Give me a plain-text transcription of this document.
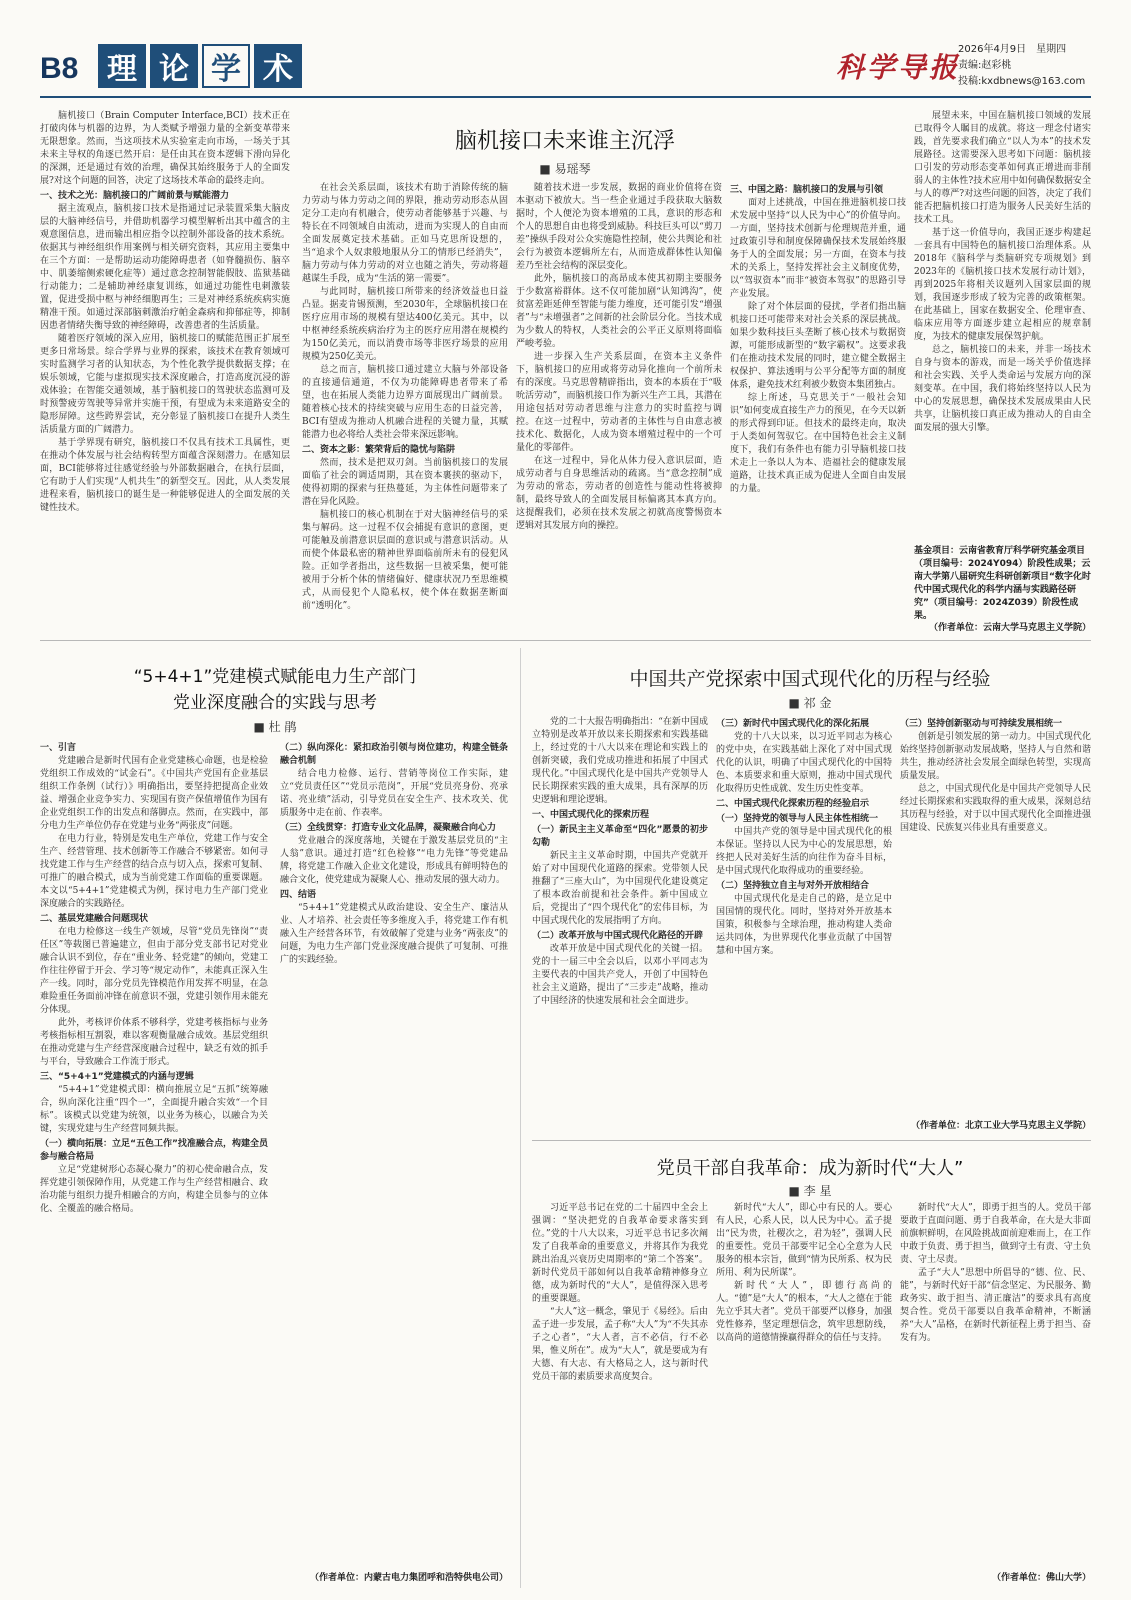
B8 理 论 学 术	科学导报
2026年4月9日　星期四
责编:赵彩桃
投稿:kxdbnews@163.com
脑机接口未来谁主沉浮
■ 易瑶琴

脑机接口（Brain Computer Interface,BCI）技术正在打破肉体与机器的边界，为人类赋予增强力量的全新变革带来无限想象。然而，当这项技术从实验室走向市场，一场关于其未来主导权的角逐已然开启：是任由其在资本逻辑下滑向异化的深渊，还是通过有效的治理，确保其始终服务于人的全面发展?对这个问题的回答，决定了这场技术革命的最终走向。

一、技术之光：脑机接口的广阔前景与赋能潜力

据主流观点，脑机接口技术是指通过记录装置采集大脑皮层的大脑神经信号，并借助机器学习模型解析出其中蕴含的主观意图信息，进而输出相应指令以控制外部设备的技术系统。依据其与神经组织作用案例与相关研究资料，其应用主要集中在三个方面：一是帮助运动功能障碍患者（如脊髓损伤、脑卒中、肌萎缩侧索硬化症等）通过意念控制智能假肢、监狱基础行动能力；二是辅助神经康复训练，如通过功能性电刺激装置，促进受损中枢与神经细胞再生；三是对神经系统疾病实施精准干预。如通过深部脑刺激治疗帕金森病和抑郁症等，抑制因患者情绪失衡导致的神经障碍，改善患者的生活质量。

随着医疗领域的深入应用，脑机接口的赋能范围正扩展至更多日常场景。综合学界与业界的探索，该技术在教育领域可实时监测学习者的认知状态，为个性化教学提供数据支撑；在娱乐领域，它能与虚拟现实技术深度融合，打造高度沉浸的游戏体验；在智能交通领域，基于脑机接口的驾驶状态监测可及时预警疲劳驾驶等异常并实施干预，有望成为未来道路安全的隐形屏障。这些跨界尝试，充分彰显了脑机接口在提升人类生活质量方面的广阔潜力。

基于学界现有研究，脑机接口不仅具有技术工具属性，更在推动个体发展与社会结构转型方面蕴含深刻潜力。在感知层面，BCI能够将过往感觉经验与外部数据融合，在执行层面，它有助于人们实现“人机共生”的新型交互。因此，从人类发展进程来看，脑机接口的诞生是一种能够促进人的全面发展的关键性技术。

在社会关系层面，该技术有助于消除传统的脑力劳动与体力劳动之间的界限，推动劳动形态从固定分工走向有机融合，使劳动者能够基于兴趣、与特长在不同领域自由流动，进而为实现人的自由而全面发展奠定技术基础。正如马克思所设想的，当“追求个人奴隶般地服从分工的情形已经消失”，脑力劳动与体力劳动的对立也随之消失，劳动将超越谋生手段，成为“生活的第一需要”。

与此同时，脑机接口所带来的经济效益也日益凸显。据麦肯锡预测，至2030年，全球脑机接口在医疗应用市场的规模有望达400亿美元。其中，以中枢神经系统疾病治疗为主的医疗应用潜在规模约为150亿美元，而以消费市场等非医疗场景的应用规模为250亿美元。

总之而言，脑机接口通过建立大脑与外部设备的直接通信通道，不仅为功能障碍患者带来了希望，也在拓展人类能力边界方面展现出广阔前景。随着核心技术的持续突破与应用生态的日益完善，BCI有望成为推动人机融合进程的关键力量，其赋能潜力也必将给人类社会带来深远影响。

二、资本之影：繁荣背后的隐忧与陷阱

然而，技术是把双刃剑。当前脑机接口的发展面临了社会的调适周期，其在资本裹挟的驱动下，使得初期的探索与狂热蔓延，为主体性问题带来了潜在异化风险。

脑机接口的核心机制在于对大脑神经信号的采集与解码。这一过程不仅会捕捉有意识的意图，更可能触及前潜意识层面的意识或与潜意识活动。从而使个体最私密的精神世界面临前所未有的侵犯风险。正如学者指出，这些数据一旦被采集，便可能被用于分析个体的情绪偏好、健康状况乃至思维模式，从而侵犯个人隐私权，使个体在数据垄断面前“透明化”。

随着技术进一步发展，数据的商业价值将在资本驱动下被放大。当一些企业通过手段获取大脑数据时，个人便沦为资本增殖的工具，意识的形态和个人的思想自由也将受到威胁。科技巨头可以“剪刀差”操纵手段对公众实施隐性控制，使公共舆论和社会行为被资本逻辑所左右，从而造成群体性认知偏差乃至社会结构的深层变化。

此外，脑机接口的高昂成本使其初期主要服务于少数富裕群体。这不仅可能加剧“认知鸿沟”，使贫富差距延伸至智能与能力维度，还可能引发“增强者”与“未增强者”之间新的社会阶层分化。当技术成为少数人的特权，人类社会的公平正义原则将面临严峻考验。

进一步探入生产关系层面，在资本主义条件下，脑机接口的应用或将劳动异化推向一个前所未有的深度。马克思曾精辟指出，资本的本质在于“吸吮活劳动”，而脑机接口作为新兴生产工具，其潜在用途包括对劳动者思维与注意力的实时监控与调控。在这一过程中，劳动者的主体性与自由意志被技术化、数据化，人成为资本增殖过程中的一个可量化的零部件。

在这一过程中，异化从体力侵入意识层面，造成劳动者与自身思维活动的疏离。当“意念控制”成为劳动的常态，劳动者的创造性与能动性将被抑制，最终导致人的全面发展目标偏离其本真方向。这提醒我们，必须在技术发展之初就高度警惕资本逻辑对其发展方向的操控。

三、中国之路：脑机接口的发展与引领

面对上述挑战，中国在推进脑机接口技术发展中坚持“以人民为中心”的价值导向。一方面，坚持技术创新与伦理规范并重，通过政策引导和制度保障确保技术发展始终服务于人的全面发展；另一方面，在资本与技术的关系上，坚持发挥社会主义制度优势，以“驾驭资本”而非“被资本驾驭”的思路引导产业发展。

除了对个体层面的侵扰，学者们指出脑机接口还可能带来对社会关系的深层挑战。如果少数科技巨头垄断了核心技术与数据资源，可能形成新型的“数字霸权”。这要求我们在推动技术发展的同时，建立健全数据主权保护、算法透明与公平分配等方面的制度体系，避免技术红利被少数资本集团独占。

综上所述，马克思关于“一般社会知识”如何变成直接生产力的预见，在今天以新的形式得到印证。但技术的最终走向，取决于人类如何驾驭它。在中国特色社会主义制度下，我们有条件也有能力引导脑机接口技术走上一条以人为本、造福社会的健康发展道路，让技术真正成为促进人全面自由发展的力量。

展望未来，中国在脑机接口领域的发展已取得令人瞩目的成就。将这一理念付诸实践，首先要求我们确立“以人为本”的技术发展路径。这需要深入思考如下问题：脑机接口引发的劳动形态变革如何真正增进而非削弱人的主体性?技术应用中如何确保数据安全与人的尊严?对这些问题的回答，决定了我们能否把脑机接口打造为服务人民美好生活的技术工具。

基于这一价值导向，我国正逐步构建起一套具有中国特色的脑机接口治理体系。从2018年《脑科学与类脑研究专项规划》到2023年的《脑机接口技术发展行动计划》，再到2025年将相关议题列入国家层面的规划，我国逐步形成了较为完善的政策框架。在此基础上，国家在数据安全、伦理审查、临床应用等方面逐步建立起相应的规章制度，为技术的健康发展保驾护航。

总之，脑机接口的未来，并非一场技术自身与资本的游戏，而是一场关乎价值选择和社会实践、关乎人类命运与发展方向的深刻变革。在中国，我们将始终坚持以人民为中心的发展思想，确保技术发展成果由人民共享，让脑机接口真正成为推动人的自由全面发展的强大引擎。

基金项目：云南省教育厅科学研究基金项目（项目编号：2024Y094）阶段性成果；云南大学第八届研究生科研创新项目“数字化时代中国式现代化的科学内涵与实践路径研究”（项目编号：2024Z039）阶段性成果。
（作者单位：云南大学马克思主义学院）
“5+4+1”党建模式赋能电力生产部门
党业深度融合的实践与思考
■ 杜 鹃

一、引言

党建融合是新时代国有企业党建核心命题，也是检验党组织工作成效的“试金石”。《中国共产党国有企业基层组织工作条例（试行）》明确指出，要坚持把提高企业效益、增强企业竞争实力、实现国有资产保值增值作为国有企业党组织工作的出发点和落脚点。然而，在实践中，部分电力生产单位仍存在党建与业务“两张皮”问题。

在电力行业，特别是发电生产单位，党建工作与安全生产、经营管理、技术创新等工作融合不够紧密。如何寻找党建工作与生产经营的结合点与切入点，探索可复制、可推广的融合模式，成为当前党建工作面临的重要课题。本文以“5+4+1”党建模式为例，探讨电力生产部门党业深度融合的实践路径。

二、基层党建融合问题现状

在电力检修这一线生产领域，尽管“党员先锋岗”“责任区”等载图已普遍建立，但由于部分党支部书记对党业融合认识不到位，存在“重业务、轻党建”的倾向，党建工作往往停留于开会、学习等“规定动作”，未能真正深入生产一线。同时，部分党员先锋模范作用发挥不明显，在急难险重任务面前冲锋在前意识不强，党建引领作用未能充分体现。

此外，考核评价体系不够科学，党建考核指标与业务考核指标相互割裂，难以客观衡量融合成效。基层党组织在推动党建与生产经营深度融合过程中，缺乏有效的抓手与平台，导致融合工作流于形式。

三、“5+4+1”党建模式的内涵与逻辑

“5+4+1”党建模式即：横向推展立足“五抓”统筹融合，纵向深化注重“四个一”，全面提升融合实效“一个目标”。该模式以党建为统领，以业务为核心，以融合为关键，实现党建与生产经营同频共振。

（一）横向拓展：立足“五色工作”找准融合点，构建全员参与融合格局

立足“党建树形心态凝心聚力”的初心使命融合点，发挥党建引领保障作用，从党建工作与生产经营相融合、政治功能与组织力提升相融合的方向，构建全员参与的立体化、全覆盖的融合格局。

（二）纵向深化：紧扣政治引领与岗位建功，构建全链条融合机制

结合电力检修、运行、营销等岗位工作实际，建立“党员责任区”“党员示范岗”，开展“党员亮身份、亮承诺、亮业绩”活动，引导党员在安全生产、技术攻关、优质服务中走在前、作表率。

（三）全线贯穿：打造专业文化品牌，凝聚融合向心力

党业融合的深度落地，关键在于激发基层党员的“主人翁”意识。通过打造“红色检修”“电力先锋”等党建品牌，将党建工作融入企业文化建设，形成具有鲜明特色的融合文化，使党建成为凝聚人心、推动发展的强大动力。

四、结语

“5+4+1”党建模式从政治建设、安全生产、廉洁从业、人才培养、社会责任等多维度入手，将党建工作有机融入生产经营各环节，有效破解了党建与业务“两张皮”的问题，为电力生产部门党业深度融合提供了可复制、可推广的实践经验。

（作者单位：内蒙古电力集团呼和浩特供电公司）
中国共产党探索中国式现代化的历程与经验
■ 祁 金

党的二十大报告明确指出：“在新中国成立特别是改革开放以来长期探索和实践基础上，经过党的十八大以来在理论和实践上的创新突破，我们党成功推进和拓展了中国式现代化。”中国式现代化是中国共产党领导人民长期探索实践的重大成果，具有深厚的历史逻辑和理论逻辑。

一、中国式现代化的探索历程

（一）新民主主义革命至“四化”愿景的初步勾勒

新民主主义革命时期，中国共产党就开始了对中国现代化道路的探索。党带领人民推翻了“三座大山”，为中国现代化建设奠定了根本政治前提和社会条件。新中国成立后，党提出了“四个现代化”的宏伟目标，为中国式现代化的发展指明了方向。

（二）改革开放与中国式现代化路径的开辟

改革开放是中国式现代化的关键一招。党的十一届三中全会以后，以邓小平同志为主要代表的中国共产党人，开创了中国特色社会主义道路，提出了“三步走”战略，推动了中国经济的快速发展和社会全面进步。

（三）新时代中国式现代化的深化拓展

党的十八大以来，以习近平同志为核心的党中央，在实践基础上深化了对中国式现代化的认识，明确了中国式现代化的中国特色、本质要求和重大原则，推动中国式现代化取得历史性成就、发生历史性变革。

二、中国式现代化探索历程的经验启示

（一）坚持党的领导与人民主体性相统一

中国共产党的领导是中国式现代化的根本保证。坚持以人民为中心的发展思想，始终把人民对美好生活的向往作为奋斗目标，是中国式现代化取得成功的重要经验。

（二）坚持独立自主与对外开放相结合

中国式现代化是走自己的路，是立足中国国情的现代化。同时，坚持对外开放基本国策，积极参与全球治理，推动构建人类命运共同体，为世界现代化事业贡献了中国智慧和中国方案。

（三）坚持创新驱动与可持续发展相统一

创新是引领发展的第一动力。中国式现代化始终坚持创新驱动发展战略，坚持人与自然和谐共生，推动经济社会发展全面绿色转型，实现高质量发展。

总之，中国式现代化是中国共产党领导人民经过长期探索和实践取得的重大成果，深刻总结其历程与经验，对于以中国式现代化全面推进强国建设、民族复兴伟业具有重要意义。

（作者单位：北京工业大学马克思主义学院）
党员干部自我革命：成为新时代“大人”
■ 李 星

习近平总书记在党的二十届四中全会上强调：“坚决把党的自我革命要求落实到位。”党的十八大以来，习近平总书记多次阐发了自我革命的重要意义，并将其作为我党跳出治乱兴衰历史周期率的“第二个答案”。新时代党员干部如何以自我革命精神修身立德，成为新时代的“大人”，是值得深入思考的重要课题。

“大人”这一概念，肇见于《易经》。后由孟子进一步发展，孟子称“大人”为“不失其赤子之心者”，“大人者，言不必信，行不必果，惟义所在”。成为“大人”，就是要成为有大德、有大志、有大格局之人，这与新时代党员干部的素质要求高度契合。

新时代“大人”，即心中有民的人。要心有人民，心系人民，以人民为中心。孟子提出“民为贵，社稷次之，君为轻”，强调人民的重要性。党员干部要牢记全心全意为人民服务的根本宗旨，做到“情为民所系、权为民所用、利为民所谋”。

新时代“大人”，即德行高尚的人。“德”是“大人”的根本，“大人之德在于能先立乎其大者”。党员干部要严以修身，加强党性修养，坚定理想信念，筑牢思想防线，以高尚的道德情操赢得群众的信任与支持。

新时代“大人”，即勇于担当的人。党员干部要敢于直面问题、勇于自我革命，在大是大非面前旗帜鲜明，在风险挑战面前迎难而上，在工作中敢于负责、勇于担当，做到守土有责、守土负责、守土尽责。

孟子“大人”思想中所倡导的“德、位、民、能”，与新时代好干部“信念坚定、为民服务、勤政务实、敢于担当、清正廉洁”的要求具有高度契合性。党员干部要以自我革命精神，不断涵养“大人”品格，在新时代新征程上勇于担当、奋发有为。

（作者单位：佛山大学）
